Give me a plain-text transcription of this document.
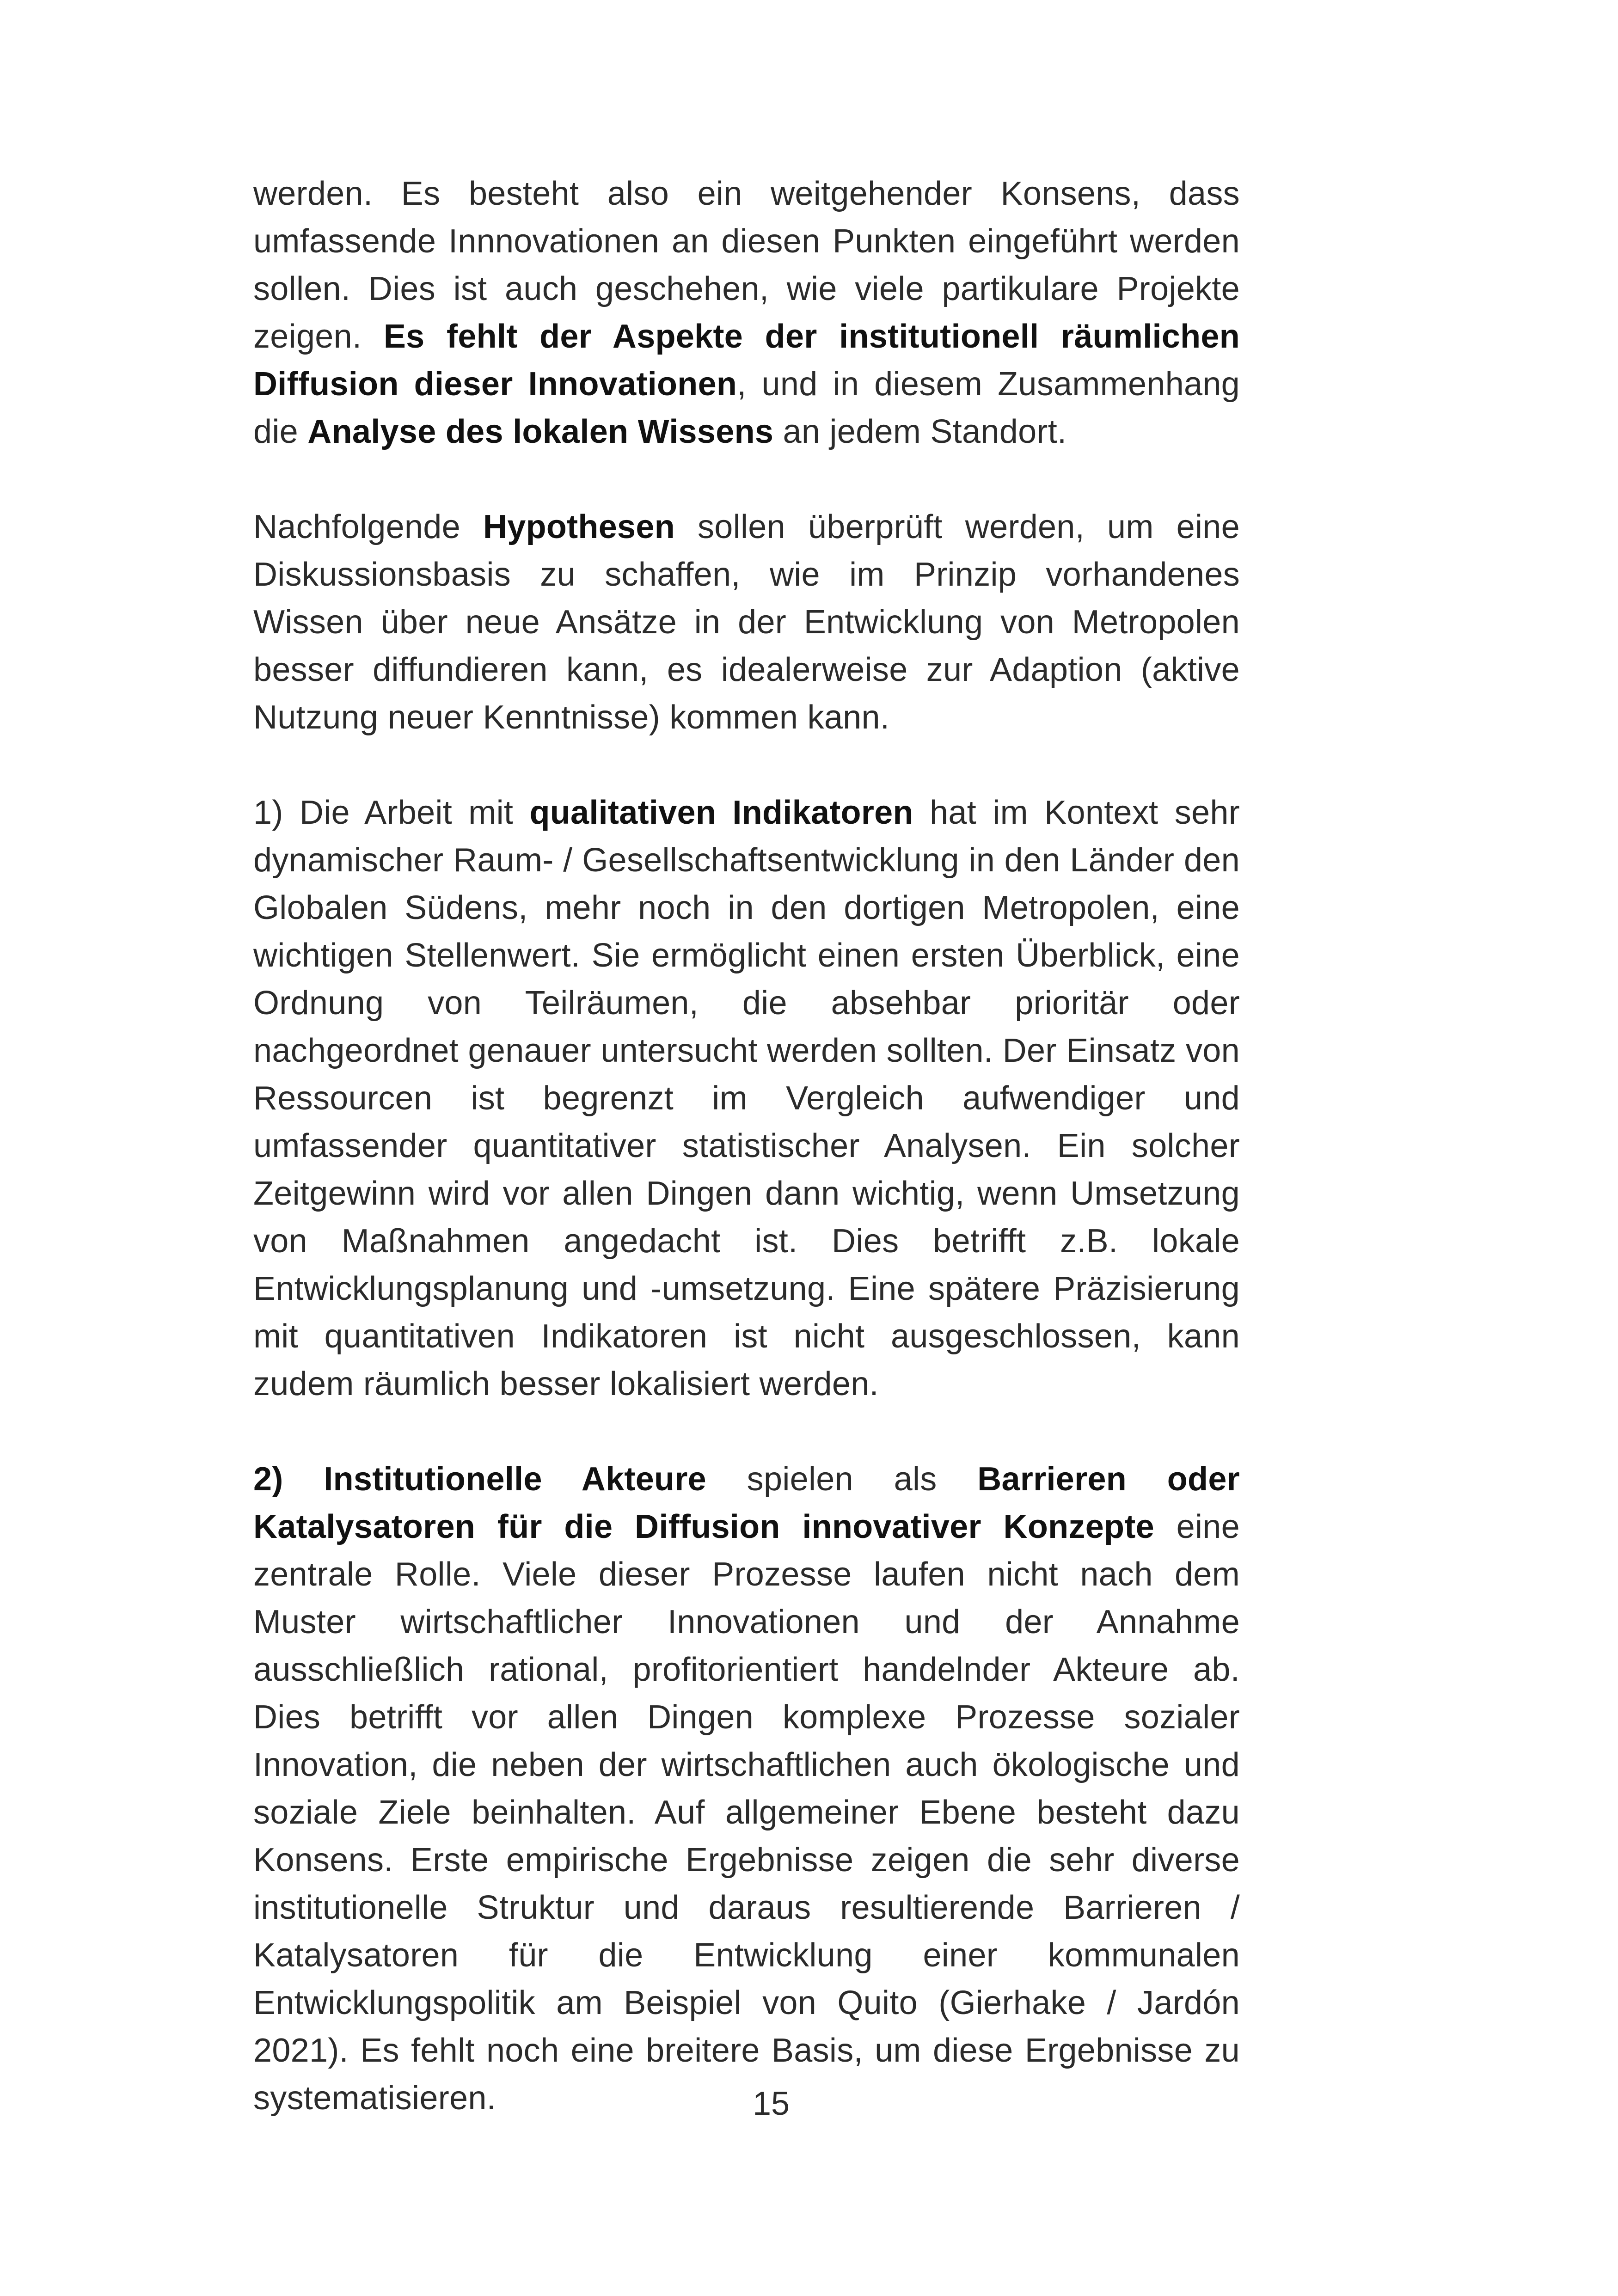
werden. Es besteht also ein weitgehender Konsens, dass umfassende Innnovationen an diesen Punkten eingeführt werden sollen. Dies ist auch geschehen, wie viele partikulare Projekte zeigen. Es fehlt der Aspekte der institutionell räumlichen Diffusion dieser Innovationen, und in diesem Zusammenhang die Analyse des lokalen Wissens an jedem Standort.

Nachfolgende Hypothesen sollen überprüft werden, um eine Diskussionsbasis zu schaffen, wie im Prinzip vorhandenes Wissen über neue Ansätze in der Entwicklung von Metropolen besser diffundieren kann, es idealerweise zur Adaption (aktive Nutzung neuer Kenntnisse) kommen kann.

1) Die Arbeit mit qualitativen Indikatoren hat im Kontext sehr dynamischer Raum- / Gesellschaftsentwicklung in den Länder den Globalen Südens, mehr noch in den dortigen Metropolen, eine wichtigen Stellenwert. Sie ermöglicht einen ersten Überblick, eine Ordnung von Teilräumen, die absehbar prioritär oder nachgeordnet genauer untersucht werden sollten. Der Einsatz von Ressourcen ist begrenzt im Vergleich aufwendiger und umfassender quantitativer statistischer Analysen. Ein solcher Zeitgewinn wird vor allen Dingen dann wichtig, wenn Umsetzung von Maßnahmen angedacht ist. Dies betrifft z.B. lokale Entwicklungsplanung und -umsetzung. Eine spätere Präzisierung mit quantitativen Indikatoren ist nicht ausgeschlossen, kann zudem räumlich besser lokalisiert werden.

2) Institutionelle Akteure spielen als Barrieren oder Katalysatoren für die Diffusion innovativer Konzepte eine zentrale Rolle. Viele dieser Prozesse laufen nicht nach dem Muster wirtschaftlicher Innovationen und der Annahme ausschließlich rational, profitorientiert handelnder Akteure ab. Dies betrifft vor allen Dingen komplexe Prozesse sozialer Innovation, die neben der wirtschaftlichen auch ökologische und soziale Ziele beinhalten. Auf allgemeiner Ebene besteht dazu Konsens. Erste empirische Ergebnisse zeigen die sehr diverse institutionelle Struktur und daraus resultierende Barrieren / Katalysatoren für die Entwicklung einer kommunalen Entwicklungspolitik am Beispiel von Quito (Gierhake / Jardón 2021). Es fehlt noch eine breitere Basis, um diese Ergebnisse zu systematisieren.	15
